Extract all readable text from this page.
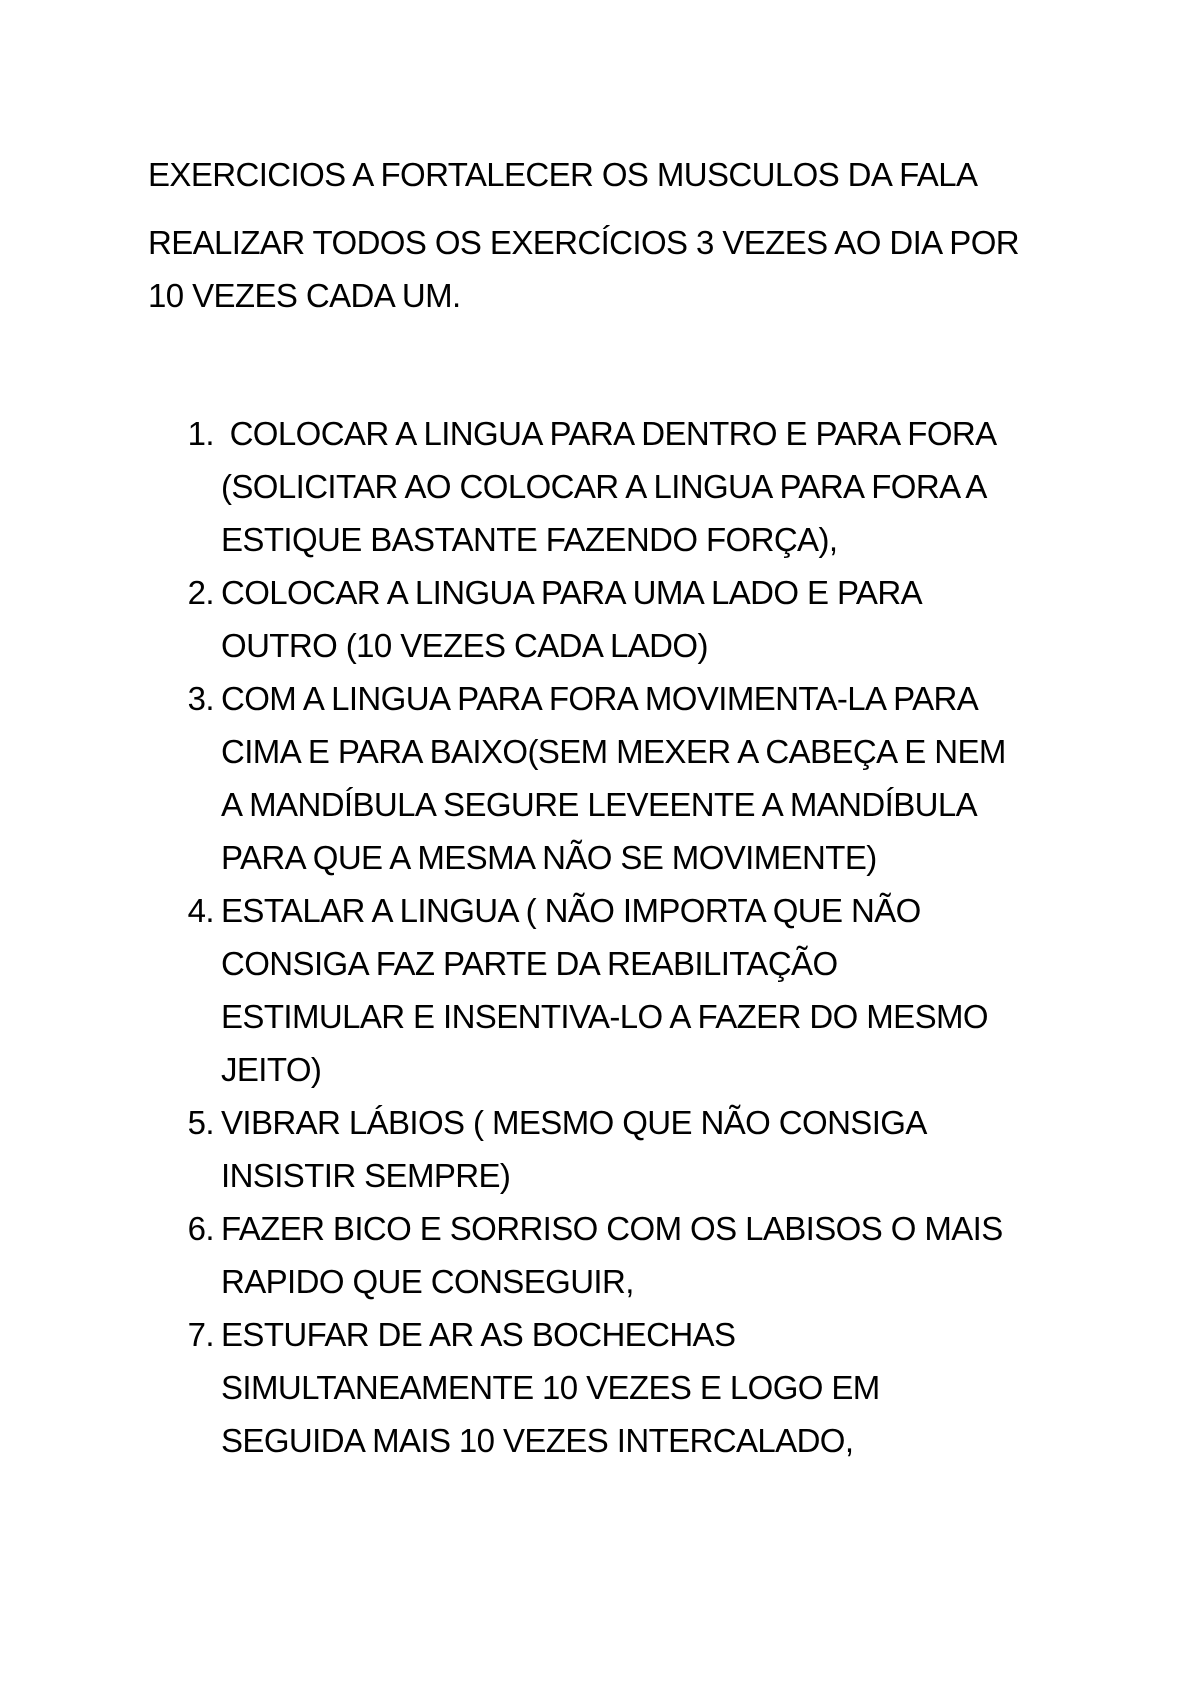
EXERCICIOS A FORTALECER OS MUSCULOS DA FALA
REALIZAR TODOS OS EXERCÍCIOS 3 VEZES AO DIA POR
10 VEZES CADA UM.
1. COLOCAR A LINGUA PARA DENTRO E PARA FORA
(SOLICITAR AO COLOCAR A LINGUA PARA FORA A
ESTIQUE BASTANTE FAZENDO FORÇA),
2. COLOCAR A LINGUA PARA UMA LADO E PARA
OUTRO (10 VEZES CADA LADO)
3. COM A LINGUA PARA FORA MOVIMENTA-LA PARA
CIMA E PARA BAIXO(SEM MEXER A CABEÇA E NEM
A MANDÍBULA SEGURE LEVEENTE A MANDÍBULA
PARA QUE A MESMA NÃO SE MOVIMENTE)
4. ESTALAR A LINGUA ( NÃO IMPORTA QUE NÃO
CONSIGA FAZ PARTE DA REABILITAÇÃO
ESTIMULAR E INSENTIVA-LO A FAZER DO MESMO
JEITO)
5. VIBRAR LÁBIOS ( MESMO QUE NÃO CONSIGA
INSISTIR SEMPRE)
6. FAZER BICO E SORRISO COM OS LABISOS O MAIS
RAPIDO QUE CONSEGUIR,
7. ESTUFAR DE AR AS BOCHECHAS
SIMULTANEAMENTE 10 VEZES E LOGO EM
SEGUIDA MAIS 10 VEZES INTERCALADO,
